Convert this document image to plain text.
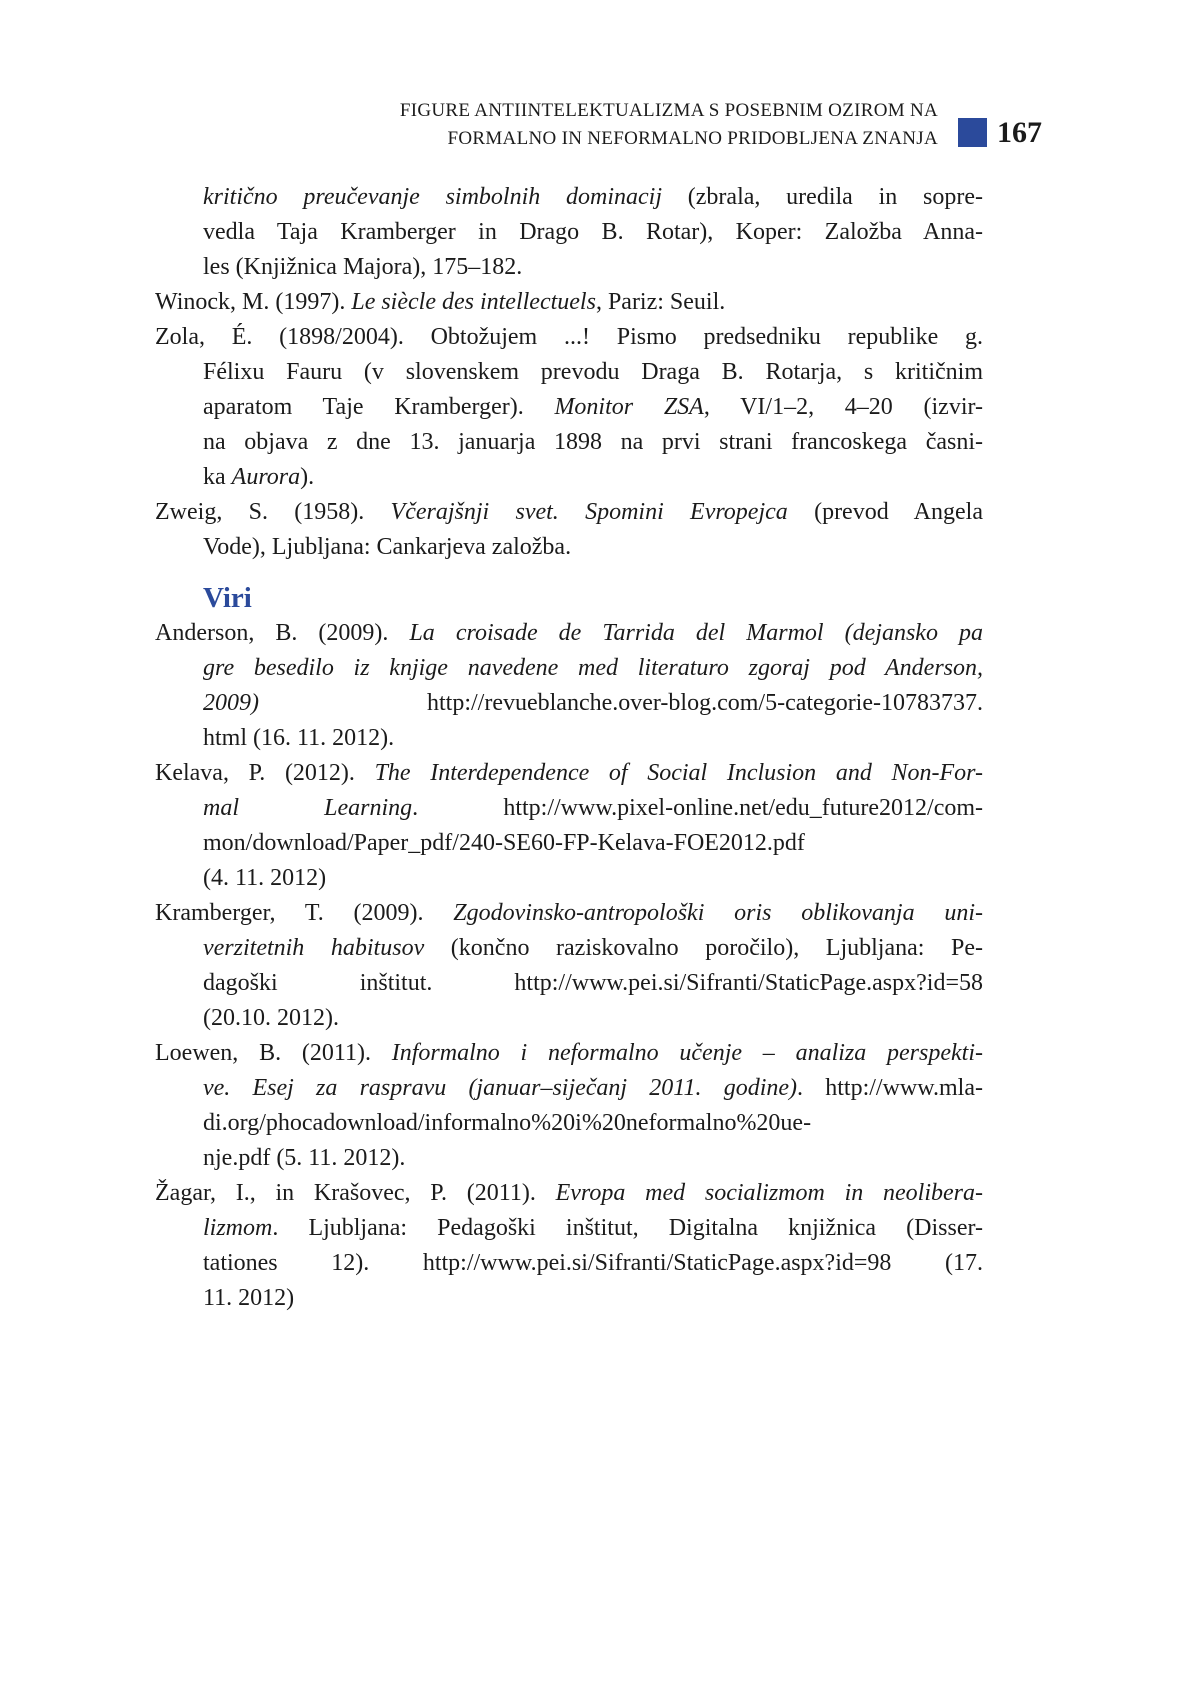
FIGURE ANTIINTELEKTUALIZMA S POSEBNIM OZIROM NA
FORMALNO IN NEFORMALNO PRIDOBLJENA ZNANJA 167
kritično preučevanje simbolnih dominacij (zbrala, uredila in sopre-
vedla Taja Kramberger in Drago B. Rotar), Koper: Založba Anna-
les (Knjižnica Majora), 175–182.
Winock, M. (1997). Le siècle des intellectuels, Pariz: Seuil.
Zola, É. (1898/2004). Obtožujem ...! Pismo predsedniku republike g.
Félixu Fauru (v slovenskem prevodu Draga B. Rotarja, s kritičnim
aparatom Taje Kramberger). Monitor ZSA, VI/1–2, 4–20 (izvir-
na objava z dne 13. januarja 1898 na prvi strani francoskega časni-
ka Aurora).
Zweig, S. (1958). Včerajšnji svet. Spomini Evropejca (prevod Angela
Vode), Ljubljana: Cankarjeva založba.
Viri
Anderson, B. (2009). La croisade de Tarrida del Marmol (dejansko pa
gre besedilo iz knjige navedene med literaturo zgoraj pod Anderson,
2009) http://revueblanche.over-blog.com/5-categorie-10783737.
html (16. 11. 2012).
Kelava, P. (2012). The Interdependence of Social Inclusion and Non-For-
mal Learning. http://www.pixel-online.net/edu_future2012/com-
mon/download/Paper_pdf/240-SE60-FP-Kelava-FOE2012.pdf
(4. 11. 2012)
Kramberger, T. (2009). Zgodovinsko-antropološki oris oblikovanja uni-
verzitetnih habitusov (končno raziskovalno poročilo), Ljubljana: Pe-
dagoški inštitut. http://www.pei.si/Sifranti/StaticPage.aspx?id=58
(20.10. 2012).
Loewen, B. (2011). Informalno i neformalno učenje – analiza perspekti-
ve. Esej za raspravu (januar–siječanj 2011. godine). http://www.mla-
di.org/phocadownload/informalno%20i%20neformalno%20ue-
nje.pdf (5. 11. 2012).
Žagar, I., in Krašovec, P. (2011). Evropa med socializmom in neolibera-
lizmom. Ljubljana: Pedagoški inštitut, Digitalna knjižnica (Disser-
tationes 12). http://www.pei.si/Sifranti/StaticPage.aspx?id=98 (17.
11. 2012)
